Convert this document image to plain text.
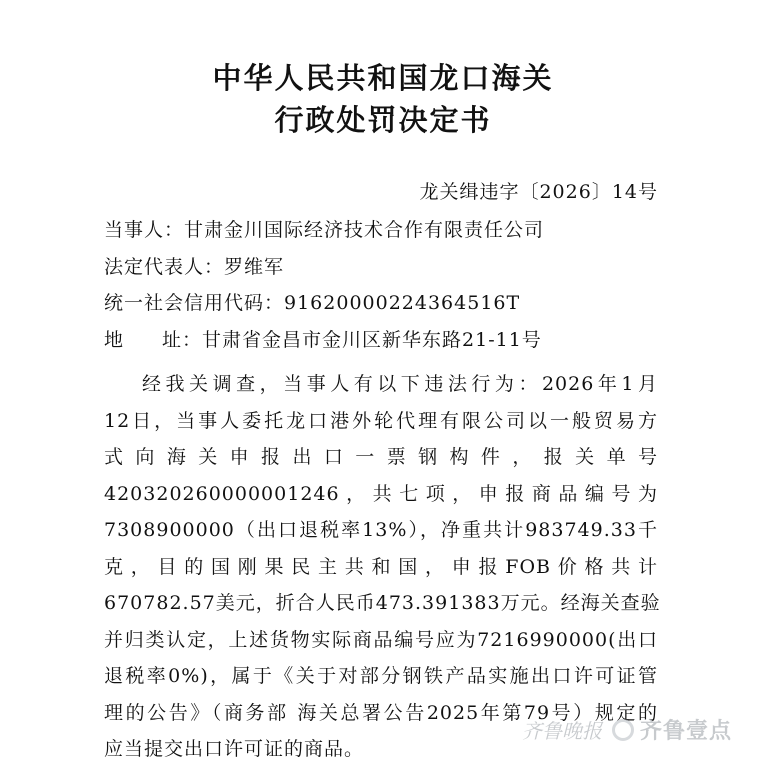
中华人民共和国龙口海关
行政处罚决定书
龙关缉违字〔2026〕14号
当事人：甘肃金川国际经济技术合作有限责任公司
法定代表人：罗维军
统一社会信用代码：91620000224364516T
地 址：甘肃省金昌市金川区新华东路21-11号
经我关调查，当事人有以下违法行为：2026年1月
12日，当事人委托龙口港外轮代理有限公司以一般贸易方
式向海关申报出口一票钢构件，报关单号
420320260000001246，共七项，申报商品编号为
7308900000（出口退税率13%），净重共计983749.33千
克，目的国刚果民主共和国，申报FOB价格共计
670782.57美元，折合人民币473.391383万元。经海关查验
并归类认定，上述货物实际商品编号应为7216990000(出口
退税率0%)，属于《关于对部分钢铁产品实施出口许可证管
理的公告》（商务部 海关总署公告2025年第79号）规定的
应当提交出口许可证的商品。
齐鲁晚报 齐鲁壹点
